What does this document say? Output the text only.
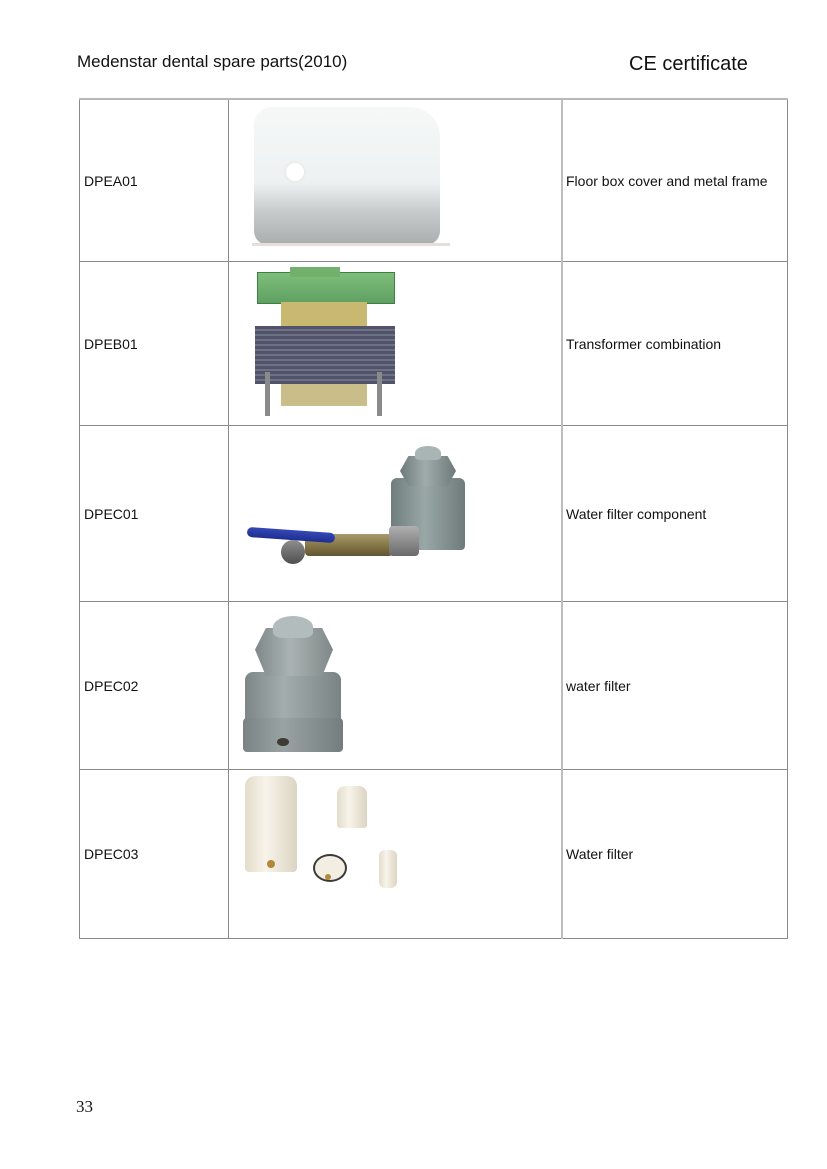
Medenstar dental spare parts(2010)	CE certificate
DPEA01		Floor box cover and metal frame
DPEB01		Transformer combination
DPEC01		Water filter component
DPEC02		water filter
DPEC03		Water filter
33
